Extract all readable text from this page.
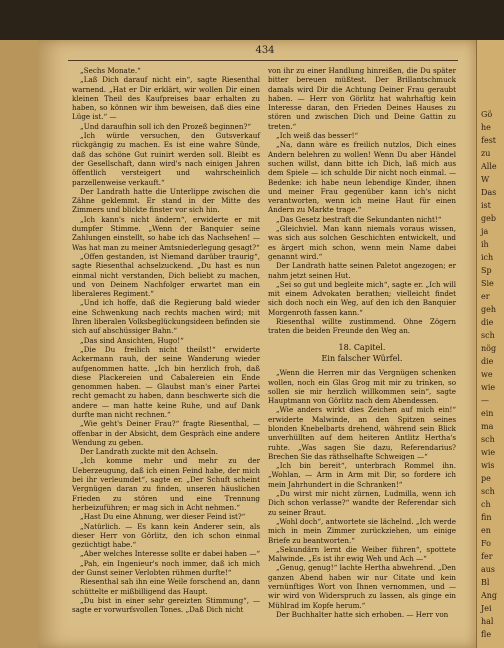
434

„Sechs Monate.“

„Laß Dich darauf nicht ein“, sagte Riesenthal warnend. „Hat er Dir erklärt, wir wollen Dir einen kleinen Theil des Kaufpreises baar erhalten zu haben, so können wir ihm beweisen, daß dies eine Lüge ist.“ —

„Und daraufhin soll ich den Prozeß beginnen?“

„Ich würde versuchen, den Gutsverkauf rückgängig zu machen. Es ist eine wahre Sünde, daß das schöne Gut ruinirt werden soll. Bleibt es der Gesellschaft, dann wird's nach einigen Jahren öffentlich versteigert und wahrscheinlich parzellenweise verkauft.“

Der Landrath hatte die Unterlippe zwischen die Zähne geklemmt. Er stand in der Mitte des Zimmers und blickte finster vor sich hin.

„Ich kann's nicht ändern“, erwiderte er mit dumpfer Stimme. „Wenn der Banquier seine Zahlungen einstellt, so habe ich das Nachsehen! — Was hat man zu meiner Amtsniederlegung gesagt?“

„Offen gestanden, ist Niemand darüber traurig“, sagte Riesenthal achselzuckend. „Du hast es nun einmal nicht verstanden, Dich beliebt zu machen, und von Deinem Nachfolger erwartet man ein liberaleres Regiment.“

„Und ich hoffe, daß die Regierung bald wieder eine Schwenkung nach rechts machen wird; mit Ihren liberalen Volksbeglückungsideen befinden sie sich auf abschüssiger Bahn.“

„Das sind Ansichten, Hugo!“

„Die Du freilich nicht theilst!“ erwiderte Ackermann rauh, der seine Wanderung wieder aufgenommen hatte. „Ich bin herzlich froh, daß diese Plackereien und Cabalereien ein Ende genommen haben. — Glaubst man's einer Partei recht gemacht zu haben, dann beschwerte sich die andere — man hatte keine Ruhe, und auf Dank durfte man nicht rechnen.“

„Wie geht's Deiner Frau?“ fragte Riesenthal, — offenbar in der Absicht, dem Gespräch eine andere Wendung zu geben.

Der Landrath zuckte mit den Achseln.

„Ich komme mehr und mehr zu der Ueberzeugung, daß ich einen Feind habe, der mich bei ihr verleumdet“, sagte er. „Der Schuft scheint Vergnügen daran zu finden, unseren häuslichen Frieden zu stören und eine Trennung herbeizuführen; er mag sich in Acht nehmen.“

„Hast Du eine Ahnung, wer dieser Feind ist?“

„Natürlich. — Es kann kein Anderer sein, als dieser Herr von Görlitz, den ich schon einmal gezüchtigt habe.“

„Aber welches Interesse sollte er dabei haben —“

„Pah, ein Ingenieur's noch immer, daß ich mich der Gunst seiner Verlobten rühmen durfte!“

Riesenthal sah ihn eine Weile forschend an, dann schüttelte er mißbilligend das Haupt.

„Du bist in einer sehr gereizten Stimmung“, — sagte er vorwurfsvollen Tones. „Daß Dich nicht

von ihr zu einer Handlung hinreißen, die Du später bitter bereuen müßtest. Der Brillantschmuck damals wird Dir die Achtung Deiner Frau geraubt haben. — Herr von Görlitz hat wahrhaftig kein Interesse daran, den Frieden Deines Hauses zu stören und zwischen Dich und Deine Gattin zu treten.“

„Ich weiß das besser!“

„Na, dann wäre es freilich nutzlos, Dich eines Andern belehren zu wollen! Wenn Du aber Händel suchen willst, dann bitte ich Dich, laß mich aus dem Spiele — ich schulde Dir nicht noch einmal. — Bedenke: ich habe neun lebendige Kinder, ihnen und meiner Frau gegenüber kann ich's nicht verantworten, wenn ich meine Haut für einen Andern zu Markte trage.“

„Das Gesetz bestraft die Sekundanten nicht!“

„Gleichviel. Man kann niemals voraus wissen, was sich aus solchen Geschichten entwickelt, und es ärgert mich schon, wenn mein Name dabei genannt wird.“

Der Landrath hatte seinen Paletot angezogen; er nahm jetzt seinen Hut.

„Sei so gut und begleite mich“, sagte er. „Ich will mit einem Advokaten berathen; vielleicht findet sich doch noch ein Weg, auf den ich den Banquier Morgenroth fassen kann.“

Riesenthal willte zustimmend. Ohne Zögern traten die beiden Freunde den Weg an.

18. Capitel.
Ein falscher Würfel.

„Wenn die Herren mir das Vergnügen schenken wollen, noch ein Glas Grog mit mir zu trinken, so sollen sie mir herzlich willkommen sein“, sagte Hauptmann von Görlitz nach dem Abendessen.

„Wie anders wirkt dies Zeichen auf mich ein!“ erwiderte Malwinde, an den Spitzen seines blonden Knebelbarts drehend, während sein Blick unverhüllten auf dem heiteren Antlitz Hertha's ruhte. „Was sagen Sie dazu, Referendarius? Brechen Sie das räthselhafte Schweigen —“

„Ich bin bereit“, unterbrach Rommel ihn. „Wohlan, — Arm in Arm mit Dir, so fordere ich mein Jahrhundert in die Schranken!“

„Du wirst mir nicht zürnen, Ludmilla, wenn ich Dich schon verlasse?“ wandte der Referendar sich zu seiner Braut.

„Wohl doch“, antwortete sie lächelnd. „Ich werde mich in mein Zimmer zurückziehen, um einige Briefe zu beantworten.“

„Sekundärn lernt die Weiber führen“, spottete Malwinde. „Es ist ihr ewig Weh und Ach —“

„Genug, genug!“ lachte Hertha abwehrend. „Den ganzen Abend haben wir nur Citate und kein vernünftiges Wort von Ihnen vernommen, und — wir wird von Widerspruch zu lassen, als ginge ein Mühlrad im Kopfe herum.“

Der Buchhalter hatte sich erhoben. — Herr von

Gö
he
fest
zu
Alle
W
Das
ist
geb
ja
ih
ich
Sp
Sie
er
geh
die
sch
nög
die
we
wie
—
ein
ma
sch
wie
wis
pe
sch
ch
fin
en
Fo
fer
aus
Bl
Ang
Jei
hal
fle
